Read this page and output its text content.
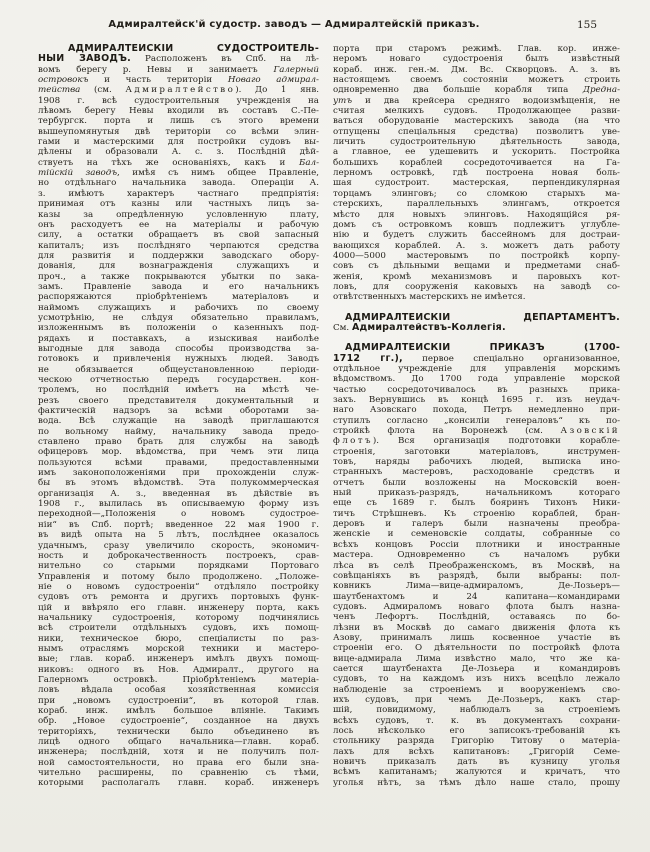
Адмиралтейск'й судостр. заводъ — Адмиралтейскій приказъ.	155
АДМИРАЛТЕЙСКІЙ СУДОСТРОИТЕЛЬ-
НЫЙ ЗАВОДЪ. Расположенъ въ Спб. на лѣ-
вомъ берегу р. Невы и занимаетъ Галерный
островокъ и часть територіи Новаго адмирал-
тейства (см. Адмиралтейство). До 1 янв.
1908 г. всѣ судостроительныя учрежденія на
лѣвомъ берегу Невы входили въ составъ С.-Пе-
тербургск. порта и лишь съ этого времени
вышеупомянутыя двѣ територіи со всѣми элин-
гами и мастерскими для постройки судовъ вы-
дѣлены и образовали А. с. з. Послѣдній дѣй-
ствуетъ на тѣхъ же основаніяхъ, какъ и Бал-
тійскій заводъ, имѣя съ нимъ общее Правленіе,
но отдѣльнаго начальника завода. Операціи А.
з. имѣютъ характеръ частнаго предпріятія:
принимая отъ казны или частныхъ лицъ за-
казы за опредѣленную условленную плату,
онъ расходуетъ ее на матеріалы и рабочую
силу, а остатки обращаетъ въ свой запасный
капиталъ; изъ послѣдняго черпаются средства
для развитія и поддержки заводскаго обору-
дованія, для вознагражденія служащихъ и
проч., а также покрываются убытки по зака-
замъ. Правленіе завода и его начальникъ
распоряжаются пріобрѣтеніемъ матеріаловъ и
наймомъ служащихъ и рабочихъ по своему
усмотрѣнію, не слѣдуя обязательно правиламъ,
изложеннымъ въ положеніи о казенныхъ под-
рядахъ и поставкахъ, а изыскивая наиболѣе
выгодные для завода способы производства за-
готовокъ и привлеченія нужныхъ людей. Заводъ
не обязывается общеустановленною періоди-
ческою отчетностью передъ государствен. кон-
тролемъ, но послѣдній имѣетъ на мѣстѣ че-
резъ своего представителя документальный и
фактическій надзоръ за всѣми оборотами за-
вода. Всѣ служащіе на заводѣ приглашаются
по вольному найму, начальнику завода предо-
ставлено право брать для службы на заводѣ
офицеровъ мор. вѣдомства, при чемъ эти лица
пользуются всѣми правами, предоставленными
имъ законоположеніями при прохожденіи служ-
бы въ этомъ вѣдомствѣ. Эта полукоммерческая
организація А. з., введенная въ дѣйствіе въ
1908 г., вылилась въ описываемую форму изъ
переходной—„Положенія о новомъ судострое-
ніи“ въ Спб. портѣ; введенное 22 мая 1900 г.
въ видѣ опыта на 5 лѣтъ, послѣднее оказалось
удачнымъ, сразу увеличило скорость, экономич-
ность и доброкачественность построекъ, срав-
нительно со старыми порядками Портоваго
Управленія и потому было продолжено. „Положе-
ніе о новомъ судостроеніи“ отдѣляло постройку
судовъ отъ ремонта и другихъ портовыхъ функ-
цій и ввѣряло его главн. инженеру порта, какъ
начальнику судостроенія, которому подчинялись
всѣ строители отдѣльныхъ судовъ, ихъ помощ-
ники, техническое бюро, спеціалисты по раз-
нымъ отраслямъ морской техники и мастеро-
вые; глав. кораб. инженеръ имѣлъ двухъ помощ-
никовъ: одного въ Нов. Адмиралт., другого на
Галерномъ островкѣ. Пріобрѣтеніемъ матеріа-
ловъ вѣдала особая хозяйственная комиссія
при „новомъ судостроеніи“, въ которой глав.
кораб. инж. имѣлъ большое вліяніе. Такимъ
обр. „Новое судостроеніе“, созданное на двухъ
територіяхъ, технически было объединено въ
лицѣ одного общаго начальника—главн. кораб.
инженера; послѣдній, хотя и не получилъ пол-
ной самостоятельности, но права его были зна-
чительно расширены, по сравненію съ тѣми,
которыми располагалъ главн. кораб. инженеръ
порта при старомъ режимѣ. Глав. кор. инже-
неромъ новаго судостроенія былъ извѣстный
кораб. инж. ген.-м. Дм. Вс. Скворцовъ. А. з. въ
настоящемъ своемъ состояніи можетъ строить
одновременно два большіе корабля типа Дредна-
утъ и два крейсера средняго водоизмѣщенія, не
считая мелкихъ судовъ. Продолжающее разви-
ваться оборудованіе мастерскихъ завода (на что
отпущены спеціальныя средства) позволитъ уве-
личить судостроительную дѣятельность завода,
а главное, ее удешевить и ускорить. Постройка
большихъ кораблей сосредоточивается на Га-
лерномъ островкѣ, гдѣ построена новая боль-
шая судостроит. мастерская, перпендикулярная
торцамъ элинговъ; со сломкою старыхъ ма-
стерскихъ, параллельныхъ элингамъ, откроется
мѣсто для новыхъ элинговъ. Находящійся ря-
домъ съ островкомъ ковшъ подлежитъ углубле-
нію и будетъ служить бассейномъ для достраи-
вающихся кораблей. А. з. можетъ дать работу
4000—5000 мастеровымъ по постройкѣ корпу-
совъ съ дѣльными вещами и предметами снаб-
женія, кромѣ механизмовъ и паровыхъ кот-
ловъ, для сооруженія каковыхъ на заводѣ со-
отвѣтственныхъ мастерскихъ не имѣется.
АДМИРАЛТЕЙСКІЙ ДЕПАРТАМЕНТЪ.
См. Адмиралтействъ-Коллегія.
АДМИРАЛТЕЙСКІЙ ПРИКАЗЪ (1700-
1712 гг.), первое спеціально организованное,
отдѣльное учрежденіе для управленія морскимъ
вѣдомствомъ. До 1700 года управленіе морской
частью сосредоточивалось въ разныхъ прика-
захъ. Вернувшись въ концѣ 1695 г. изъ неудач-
наго Азовскаго похода, Петръ немедленно при-
ступилъ согласно „консиліи генераловъ“ къ по-
стройкѣ флота на Воронежѣ (см. Азовскій
флотъ). Вся организація подготовки корабле-
строенія, заготовки матеріаловъ, инструмен-
товъ, наряды рабочихъ людей, выписка ино-
странныхъ мастеровъ, расходованіе средствъ и
отчетъ были возложены на Московскій воен-
ный приказъ-разрядъ, начальникомъ котораго
еще съ 1689 г. былъ бояринъ Тихонъ Ники-
тичъ Стрѣшневъ. Къ строенію кораблей, бран-
деровъ и галеръ были назначены преобра-
женскіе и семеновскіе солдаты, собранные со
всѣхъ концовъ Россіи плотники и иностранные
мастера. Одновременно съ началомъ рубки
лѣса въ селѣ Преображенскомъ, въ Москвѣ, на
совѣщаніяхъ въ разрядѣ, были выбраны: пол-
ковникъ Лима—вице-адмираломъ, Де-Лозьеръ—
шаутбенахтомъ и 24 капитана—командирами
судовъ. Адмираломъ новаго флота былъ назна-
ченъ Лефортъ. Послѣдній, оставаясь по бо-
лѣзни въ Москвѣ до самаго движенія флота къ
Азову, принималъ лишь косвенное участіе въ
строеніи его. О дѣятельности по постройкѣ флота
вице-адмирала Лима извѣстно мало, что же ка-
сается шаутбенахта Де-Лозьера и командировъ
судовъ, то на каждомъ изъ нихъ всецѣло лежало
наблюденіе за строеніемъ и вооруженіемъ сво-
ихъ судовъ, при чемъ Де-Лозьеръ, какъ стар-
шій, повидимому, наблюдалъ за строеніемъ
всѣхъ судовъ, т. к. въ документахъ сохрани-
лось нѣсколько его записокъ-требованій къ
стольнику разряда Григорію Титову о матеріа-
лахъ для всѣхъ капитановъ: „Григорій Семе-
новичъ приказалъ дать въ кузницу уголья
всѣмъ капитанамъ; жалуются и кричатъ, что
уголья нѣтъ, за тѣмъ дѣло наше стало, прошу
